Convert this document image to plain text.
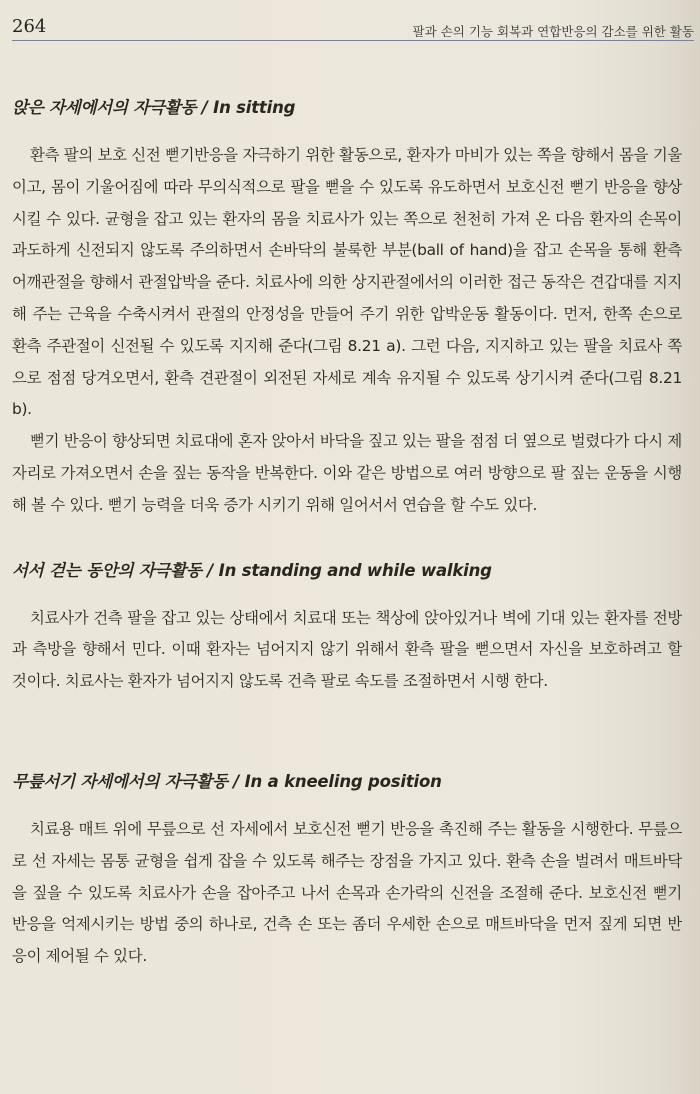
264	팔과 손의 기능 회복과 연합반응의 감소를 위한 활동
앉은 자세에서의 자극활동 / In sitting

환측 팔의 보호 신전 뻗기반응을 자극하기 위한 활동으로, 환자가 마비가 있는 쪽을 향해서 몸을 기울이고, 몸이 기울어짐에 따라 무의식적으로 팔을 뻗을 수 있도록 유도하면서 보호신전 뻗기 반응을 향상시킬 수 있다. 균형을 잡고 있는 환자의 몸을 치료사가 있는 쪽으로 천천히 가져 온 다음 환자의 손목이 과도하게 신전되지 않도록 주의하면서 손바닥의 불룩한 부분(ball of hand)을 잡고 손목을 통해 환측 어깨관절을 향해서 관절압박을 준다. 치료사에 의한 상지관절에서의 이러한 접근 동작은 견갑대를 지지해 주는 근육을 수축시켜서 관절의 안정성을 만들어 주기 위한 압박운동 활동이다. 먼저, 한쪽 손으로 환측 주관절이 신전될 수 있도록 지지해 준다(그림 8.21 a). 그런 다음, 지지하고 있는 팔을 치료사 쪽으로 점점 당겨오면서, 환측 견관절이 외전된 자세로 계속 유지될 수 있도록 상기시켜 준다(그림 8.21 b).

뻗기 반응이 향상되면 치료대에 혼자 앉아서 바닥을 짚고 있는 팔을 점점 더 옆으로 벌렸다가 다시 제자리로 가져오면서 손을 짚는 동작을 반복한다. 이와 같은 방법으로 여러 방향으로 팔 짚는 운동을 시행해 볼 수 있다. 뻗기 능력을 더욱 증가 시키기 위해 일어서서 연습을 할 수도 있다.

서서 걷는 동안의 자극활동 / In standing and while walking

치료사가 건측 팔을 잡고 있는 상태에서 치료대 또는 책상에 앉아있거나 벽에 기대 있는 환자를 전방과 측방을 향해서 민다. 이때 환자는 넘어지지 않기 위해서 환측 팔을 뻗으면서 자신을 보호하려고 할 것이다. 치료사는 환자가 넘어지지 않도록 건측 팔로 속도를 조절하면서 시행 한다.

무릎서기 자세에서의 자극활동 / In a kneeling position

치료용 매트 위에 무릎으로 선 자세에서 보호신전 뻗기 반응을 촉진해 주는 활동을 시행한다. 무릎으로 선 자세는 몸통 균형을 쉽게 잡을 수 있도록 해주는 장점을 가지고 있다. 환측 손을 벌려서 매트바닥을 짚을 수 있도록 치료사가 손을 잡아주고 나서 손목과 손가락의 신전을 조절해 준다. 보호신전 뻗기 반응을 억제시키는 방법 중의 하나로, 건측 손 또는 좀더 우세한 손으로 매트바닥을 먼저 짚게 되면 반응이 제어될 수 있다.
